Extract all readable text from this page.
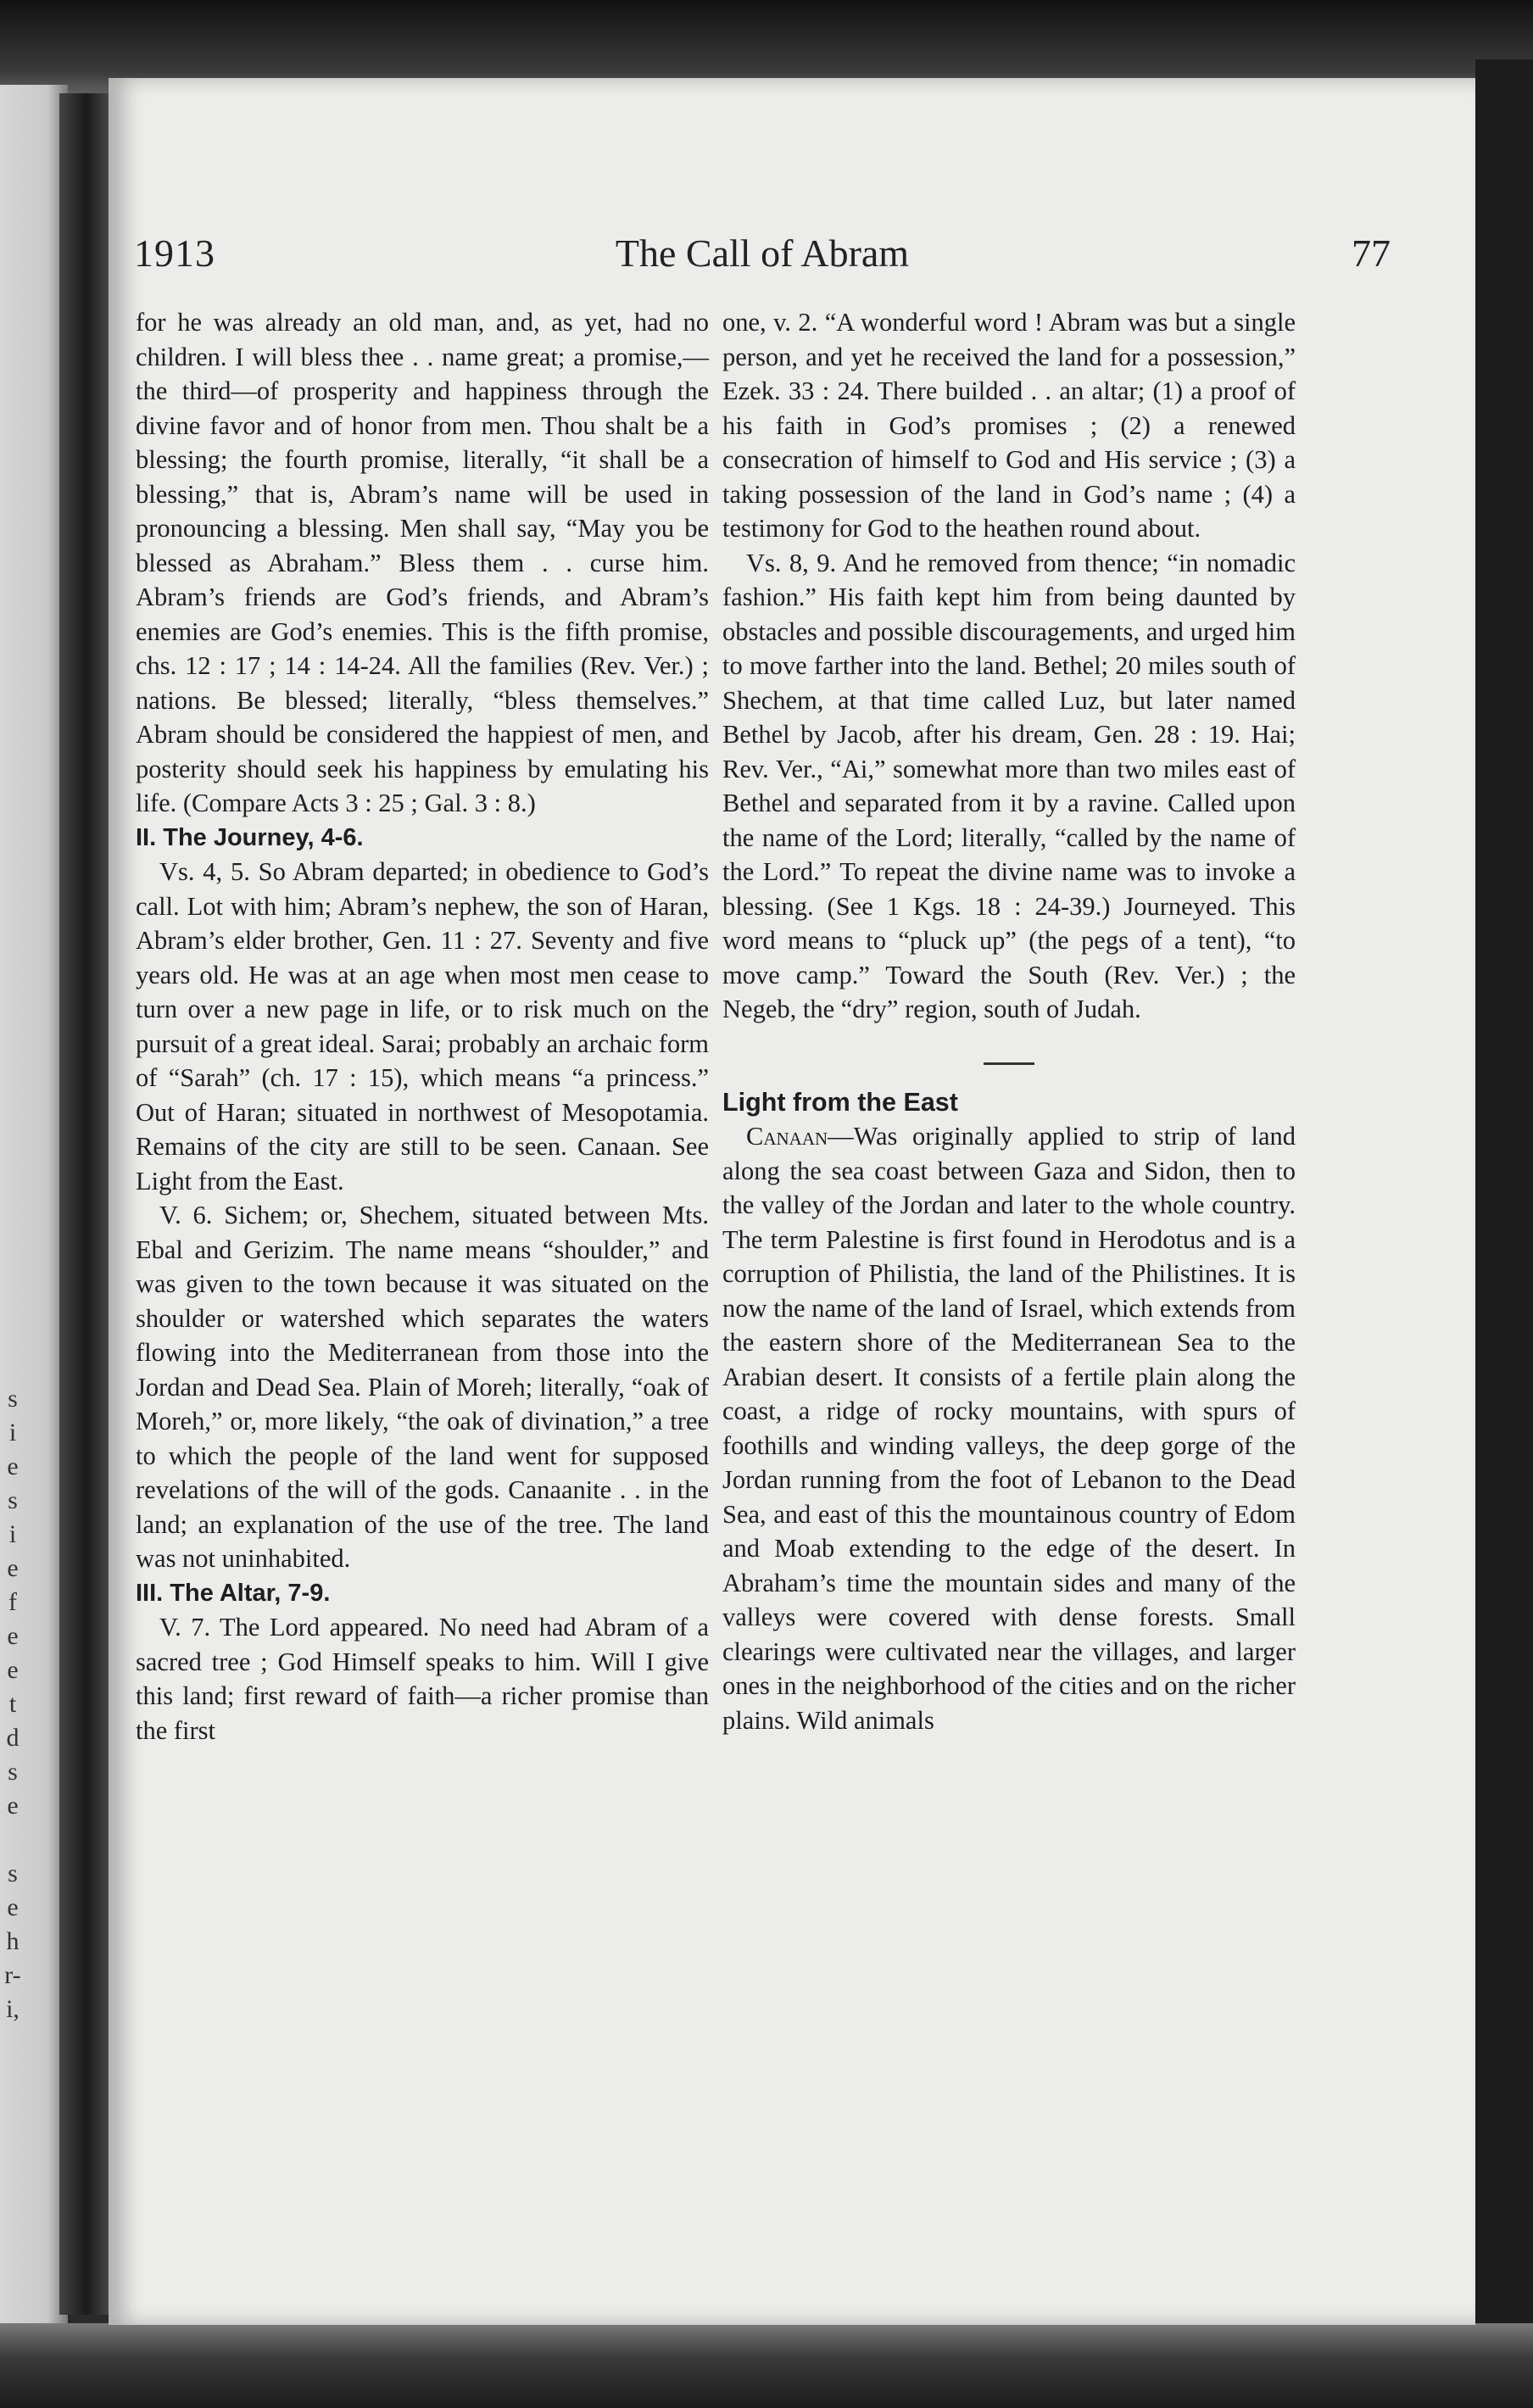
1913	The Call of Abram	77

for he was already an old man, and, as yet, had no children. I will bless thee . . name great; a promise,—the third—of prosperity and happiness through the divine favor and of honor from men. Thou shalt be a blessing; the fourth promise, literally, “it shall be a blessing,” that is, Abram’s name will be used in pronouncing a blessing. Men shall say, “May you be blessed as Abraham.” Bless them . . curse him. Abram’s friends are God’s friends, and Abram’s enemies are God’s enemies. This is the fifth promise, chs. 12 : 17 ; 14 : 14-24. All the families (Rev. Ver.) ; nations. Be blessed; literally, “bless themselves.” Abram should be considered the happiest of men, and posterity should seek his happiness by emulating his life. (Compare Acts 3 : 25 ; Gal. 3 : 8.)

II. The Journey, 4-6.

Vs. 4, 5. So Abram departed; in obedience to God’s call. Lot with him; Abram’s nephew, the son of Haran, Abram’s elder brother, Gen. 11 : 27. Seventy and five years old. He was at an age when most men cease to turn over a new page in life, or to risk much on the pursuit of a great ideal. Sarai; probably an archaic form of “Sarah” (ch. 17 : 15), which means “a princess.” Out of Haran; situated in northwest of Mesopotamia. Remains of the city are still to be seen. Canaan. See Light from the East.

V. 6. Sichem; or, Shechem, situated between Mts. Ebal and Gerizim. The name means “shoulder,” and was given to the town because it was situated on the shoulder or watershed which separates the waters flowing into the Mediterranean from those into the Jordan and Dead Sea. Plain of Moreh; literally, “oak of Moreh,” or, more likely, “the oak of divination,” a tree to which the people of the land went for supposed revelations of the will of the gods. Canaanite . . in the land; an explanation of the use of the tree. The land was not uninhabited.

III. The Altar, 7-9.

V. 7. The Lord appeared. No need had Abram of a sacred tree ; God Himself speaks to him. Will I give this land; first reward of faith—a richer promise than the first

one, v. 2. “A wonderful word ! Abram was but a single person, and yet he received the land for a possession,” Ezek. 33 : 24. There builded . . an altar; (1) a proof of his faith in God’s promises ; (2) a renewed consecration of himself to God and His service ; (3) a taking possession of the land in God’s name ; (4) a testimony for God to the heathen round about.

Vs. 8, 9. And he removed from thence; “in nomadic fashion.” His faith kept him from being daunted by obstacles and possible discouragements, and urged him to move farther into the land. Bethel; 20 miles south of Shechem, at that time called Luz, but later named Bethel by Jacob, after his dream, Gen. 28 : 19. Hai; Rev. Ver., “Ai,” somewhat more than two miles east of Bethel and separated from it by a ravine. Called upon the name of the Lord; literally, “called by the name of the Lord.” To repeat the divine name was to invoke a blessing. (See 1 Kgs. 18 : 24-39.) Journeyed. This word means to “pluck up” (the pegs of a tent), “to move camp.” Toward the South (Rev. Ver.) ; the Negeb, the “dry” region, south of Judah.

Light from the East

Canaan—Was originally applied to strip of land along the sea coast between Gaza and Sidon, then to the valley of the Jordan and later to the whole country. The term Palestine is first found in Herodotus and is a corruption of Philistia, the land of the Philistines. It is now the name of the land of Israel, which extends from the eastern shore of the Mediterranean Sea to the Arabian desert. It consists of a fertile plain along the coast, a ridge of rocky mountains, with spurs of foothills and winding valleys, the deep gorge of the Jordan running from the foot of Lebanon to the Dead Sea, and east of this the mountainous country of Edom and Moab extending to the edge of the desert. In Abraham’s time the mountain sides and many of the valleys were covered with dense forests. Small clearings were cultivated near the villages, and larger ones in the neighborhood of the cities and on the richer plains. Wild animals

s
i
e
s
i
e
f
e
e
t
d
s
e
s
e
h
r-
i,
